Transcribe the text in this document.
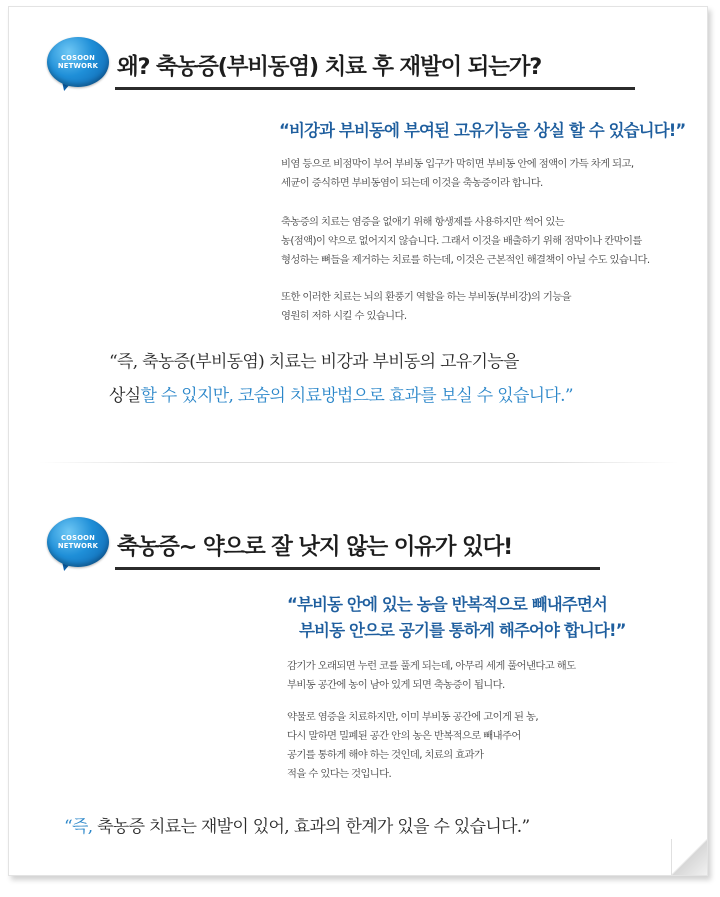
COSOON
NETWORK 왜? 축농증(부비동염) 치료 후 재발이 되는가?
“비강과 부비동에 부여된 고유기능을 상실 할 수 있습니다!”
비염 등으로 비점막이 부어 부비동 입구가 막히면 부비동 안에 점액이 가득 차게 되고,
세균이 증식하면 부비동염이 되는데 이것을 축농증이라 합니다.
축농증의 치료는 염증을 없애기 위해 항생제를 사용하지만 썩어 있는
농(점액)이 약으로 없어지지 않습니다. 그래서 이것을 배출하기 위해 점막이나 칸막이를
형성하는 뼈들을 제거하는 치료를 하는데, 이것은 근본적인 해결책이 아닐 수도 있습니다.
또한 이러한 치료는 뇌의 환풍기 역할을 하는 부비동(부비강)의 기능을
영원히 저하 시킬 수 있습니다.
“즉, 축농증(부비동염) 치료는 비강과 부비동의 고유기능을
상실할 수 있지만, 코숨의 치료방법으로 효과를 보실 수 있습니다.”
COSOON
NETWORK 축농증~ 약으로 잘 낫지 않는 이유가 있다!
“부비동 안에 있는 농을 반복적으로 빼내주면서
부비동 안으로 공기를 통하게 해주어야 합니다!”
감기가 오래되면 누런 코를 풀게 되는데, 아무리 세게 풀어낸다고 해도
부비동 공간에 농이 남아 있게 되면 축농증이 됩니다.
약물로 염증을 치료하지만, 이미 부비동 공간에 고이게 된 농,
다시 말하면 밀폐된 공간 안의 농은 반복적으로 빼내주어
공기를 통하게 해야 하는 것인데, 치료의 효과가
적을 수 있다는 것입니다.
“즉, 축농증 치료는 재발이 있어, 효과의 한계가 있을 수 있습니다.”
